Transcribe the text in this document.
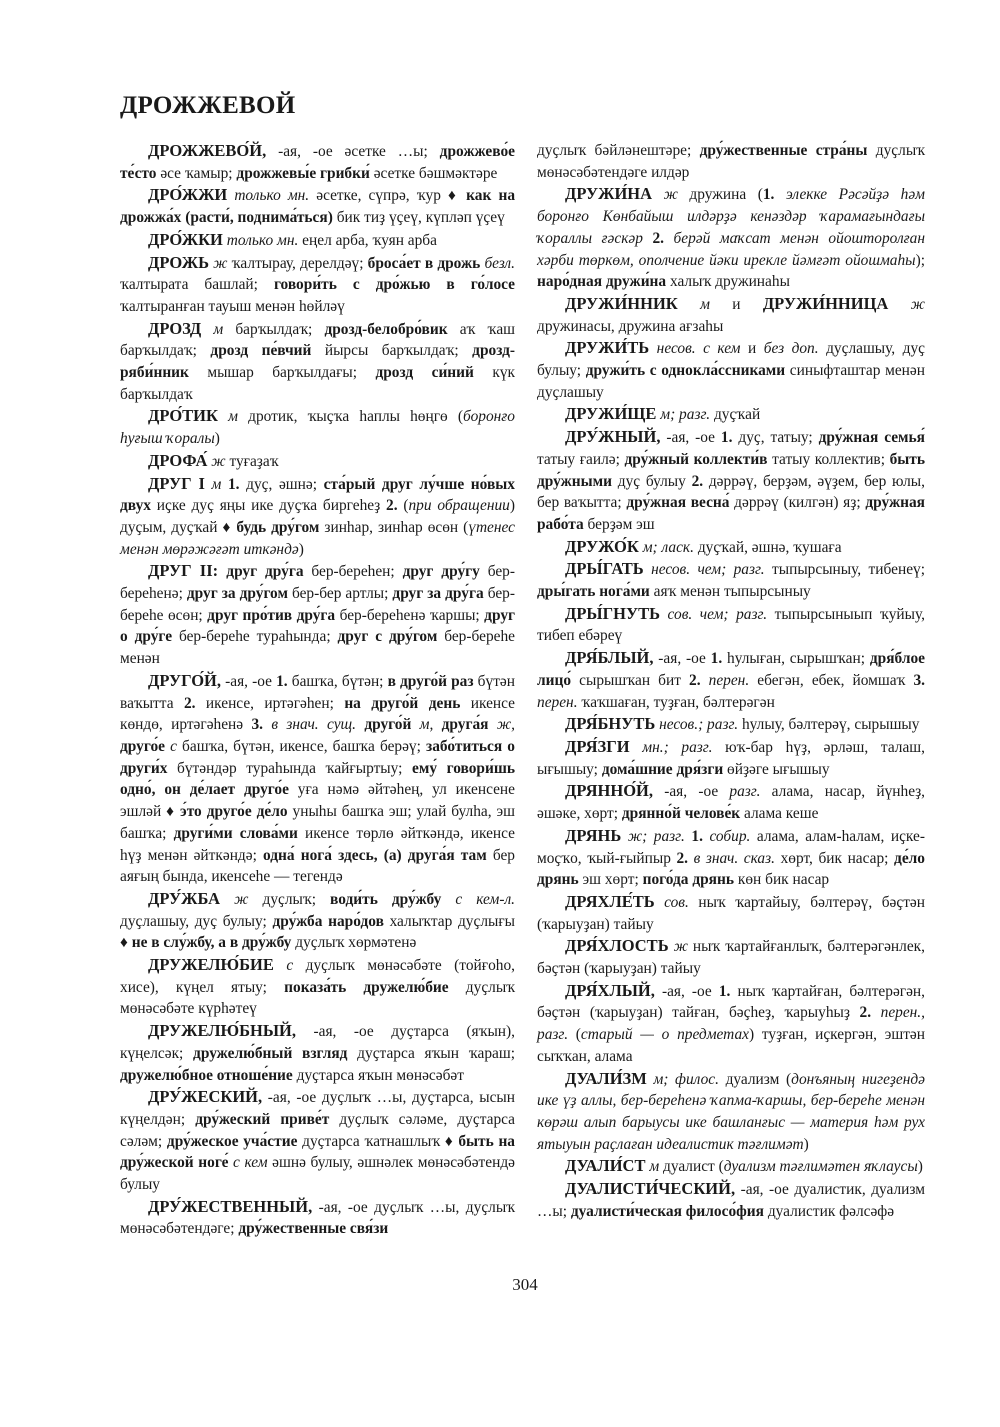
ДРОЖЖЕВОЙ

ДРОЖЖЕВО́Й, -ая, -ое әсетке …ы; дрожжево́е те́сто әсе ҡамыр; дрожжевы́е грибки́ әсетке бәшмәктәре

ДРО́ЖЖИ только мн. әсетке, сүпрә, ҡур ♦ как на дрожжа́х (расти́, поднима́ться) бик тиҙ үҫеү, күпләп үҫеү

ДРО́ЖКИ только мн. еңел арба, ҡуян арба

ДРОЖЬ ж ҡалтырау, дерелдәү; броса́ет в дрожь безл. ҡалтырата башлай; говори́ть с дро́жью в го́лосе ҡалтыранған тауыш менән һөйләү

ДРОЗД м барҡылдаҡ; дрозд-белобро́вик аҡ ҡаш барҡылдаҡ; дрозд пе́вчий йырсы барҡылдаҡ; дрозд-ряби́нник мышар барҡылдағы; дрозд си́ний күк барҡылдаҡ

ДРО́ТИК м дротик, ҡыҫҡа һаплы һөңгө (боронғо һуғыш ҡоралы)

ДРОФА́ ж туғаҙаҡ

ДРУГ I м 1. дуҫ, әшнә; ста́рый друг лу́чше но́вых двух иҫке дуҫ яңы ике дуҫҡа биргеһеҙ 2. (при обращении) дуҫым, дуҫҡай ♦ будь дру́гом зинһар, зинһар өсөн (үтенес менән мөрәжәғәт иткәндә)

ДРУГ II: друг дру́га бер-береһен; друг дру́гу бер-береһенә; друг за дру́гом бер-бер артлы; друг за дру́га бер-береһе өсөн; друг про́тив дру́га бер-береһенә ҡаршы; друг о дру́ге бер-береһе тураһында; друг с дру́гом бер-береһе менән

ДРУГО́Й, -ая, -ое 1. башҡа, бүтән; в друго́й раз бүтән ваҡытта 2. икенсе, иртәгәһен; на друго́й день икенсе көндө, иртәгәһенә 3. в знач. сущ. друго́й м, друга́я ж, друго́е с башҡа, бүтән, икенсе, башҡа берәү; забо́титься о други́х бүтәндәр тураһында ҡайғыртыу; ему́ говори́шь одно́, он де́лает друго́е уға нәмә әйтәһең, ул икенсене эшләй ♦ э́то друго́е де́ло уныһы башҡа эш; улай булһа, эш башҡа; други́ми слова́ми икенсе төрлө әйткәндә, икенсе һүҙ менән әйткәндә; одна́ нога́ здесь, (а) друга́я там бер аяғың бында, икенсеһе — тегендә

ДРУ́ЖБА ж дуҫлыҡ; води́ть дру́жбу с кем-л. дуҫлашыу, дуҫ булыу; дру́жба наро́дов халыҡтар дуҫлығы ♦ не в слу́жбу, а в дру́жбу дуҫлыҡ хөрмәтенә

ДРУЖЕЛЮ́БИЕ с дуҫлыҡ мөнәсәбәте (тойғоһо, хисе), күңел ятыу; показа́ть дружелю́бие дуҫлыҡ мөнәсәбәте күрһәтеү

ДРУЖЕЛЮ́БНЫЙ, -ая, -ое дуҫтарса (яҡын), күңелсәк; дружелю́бный взгляд дуҫтарса яҡын ҡараш; дружелю́бное отноше́ние дуҫтарса яҡын мөнәсәбәт

ДРУ́ЖЕСКИЙ, -ая, -ое дуҫлыҡ …ы, дуҫтарса, ысын күңелдән; дру́жеский приве́т дуҫлыҡ сәләме, дуҫтарса сәләм; дру́жеское уча́стие дуҫтарса ҡатнашлыҡ ♦ быть на дру́жеской ноге́ с кем әшнә булыу, әшнәлек мөнәсәбәтендә булыу

ДРУ́ЖЕСТВЕННЫЙ, -ая, -ое дуҫлыҡ …ы, дуҫлыҡ мөнәсәбәтендәге; дру́жественные свя́зи

дуҫлыҡ бәйләнештәре; дру́жественные стра́ны дуҫлыҡ мөнәсәбәтендәге илдәр

ДРУЖИ́НА ж дружина (1. элекке Рәсәйҙә һәм боронғо Көнбайыш илдәрҙә кенәздәр ҡарамағындағы ҡораллы ғәскәр 2. берәй маҡсат менән ойошторолған хәрби төркөм, ополчение йәки ирекле йәмғәт ойошмаһы); наро́дная дружи́на халыҡ дружинаһы

ДРУЖИ́ННИК м и ДРУЖИ́ННИЦА ж дружинасы, дружина ағзаһы

ДРУЖИ́ТЬ несов. с кем и без доп. дуҫлашыу, дуҫ булыу; дружи́ть с однокла́ссниками синыфташтар менән дуҫлашыу

ДРУЖИ́ЩЕ м; разг. дуҫҡай

ДРУ́ЖНЫЙ, -ая, -ое 1. дуҫ, татыу; дру́жная семья́ татыу ғаилә; дру́жный коллекти́в татыу коллектив; быть дру́жными дуҫ булыу 2. дәррәү, берҙәм, әүҙем, бер юлы, бер ваҡытта; дру́жная весна́ дәррәү (килгән) яҙ; дру́жная рабо́та берҙәм эш

ДРУЖО́К м; ласк. дуҫҡай, әшнә, ҡушаға

ДРЫ́ГАТЬ несов. чем; разг. тыпырсыныу, тибенеү; дры́гать нога́ми аяҡ менән тыпырсыныу

ДРЫ́ГНУТЬ сов. чем; разг. тыпырсыныып ҡуйыу, тибеп ебәреү

ДРЯ́БЛЫЙ, -ая, -ое 1. һулыған, сырышҡан; дря́блое лицо́ сырышҡан бит 2. перен. ебегән, ебек, йомшаҡ 3. перен. ҡаҡшаған, туҙған, бәлтерәгән

ДРЯ́БНУТЬ несов.; разг. һулыу, бәлтерәү, сырышыу

ДРЯ́ЗГИ мн.; разг. юҡ-бар һүҙ, әрләш, талаш, ығышыу; дома́шние дря́зги өйҙәге ығышыу

ДРЯННО́Й, -ая, -ое разг. алама, насар, йүнһеҙ, әшәке, хөрт; дрянно́й челове́к алама кеше

ДРЯНЬ ж; разг. 1. собир. алама, алам-һалам, иҫке-моҫҡо, ҡый-ғыйпыр 2. в знач. сказ. хөрт, бик насар; де́ло дрянь эш хөрт; пого́да дрянь көн бик насар

ДРЯХЛЕ́ТЬ сов. ныҡ ҡартайыу, бәлтерәү, бәҫтән (ҡарыуҙан) тайыу

ДРЯ́ХЛОСТЬ ж ныҡ ҡартайғанлыҡ, бәлтерәгәнлек, бәҫтән (ҡарыуҙан) тайыу

ДРЯ́ХЛЫЙ, -ая, -ое 1. ныҡ ҡартайған, бәлтерәгән, бәҫтән (ҡарыуҙан) тайған, бәҫһеҙ, ҡарыуһыҙ 2. перен., разг. (старый — о предметах) туҙған, иҫкергән, эштән сыҡҡан, алама

ДУАЛИ́ЗМ м; филос. дуализм (донъяның нигеҙендә ике үҙ аллы, бер-береһенә ҡапма-ҡаршы, бер-береһе менән көрәш алып барыусы ике башланғыс — материя һәм рух ятыуын раҫлаған идеалистик тәғлимәт)

ДУАЛИ́СТ м дуалист (дуализм тәғлимәтен яҡлаусы)

ДУАЛИСТИ́ЧЕСКИЙ, -ая, -ое дуалистик, дуализм …ы; дуалисти́ческая филосо́фия дуалистик фәлсәфә

304
